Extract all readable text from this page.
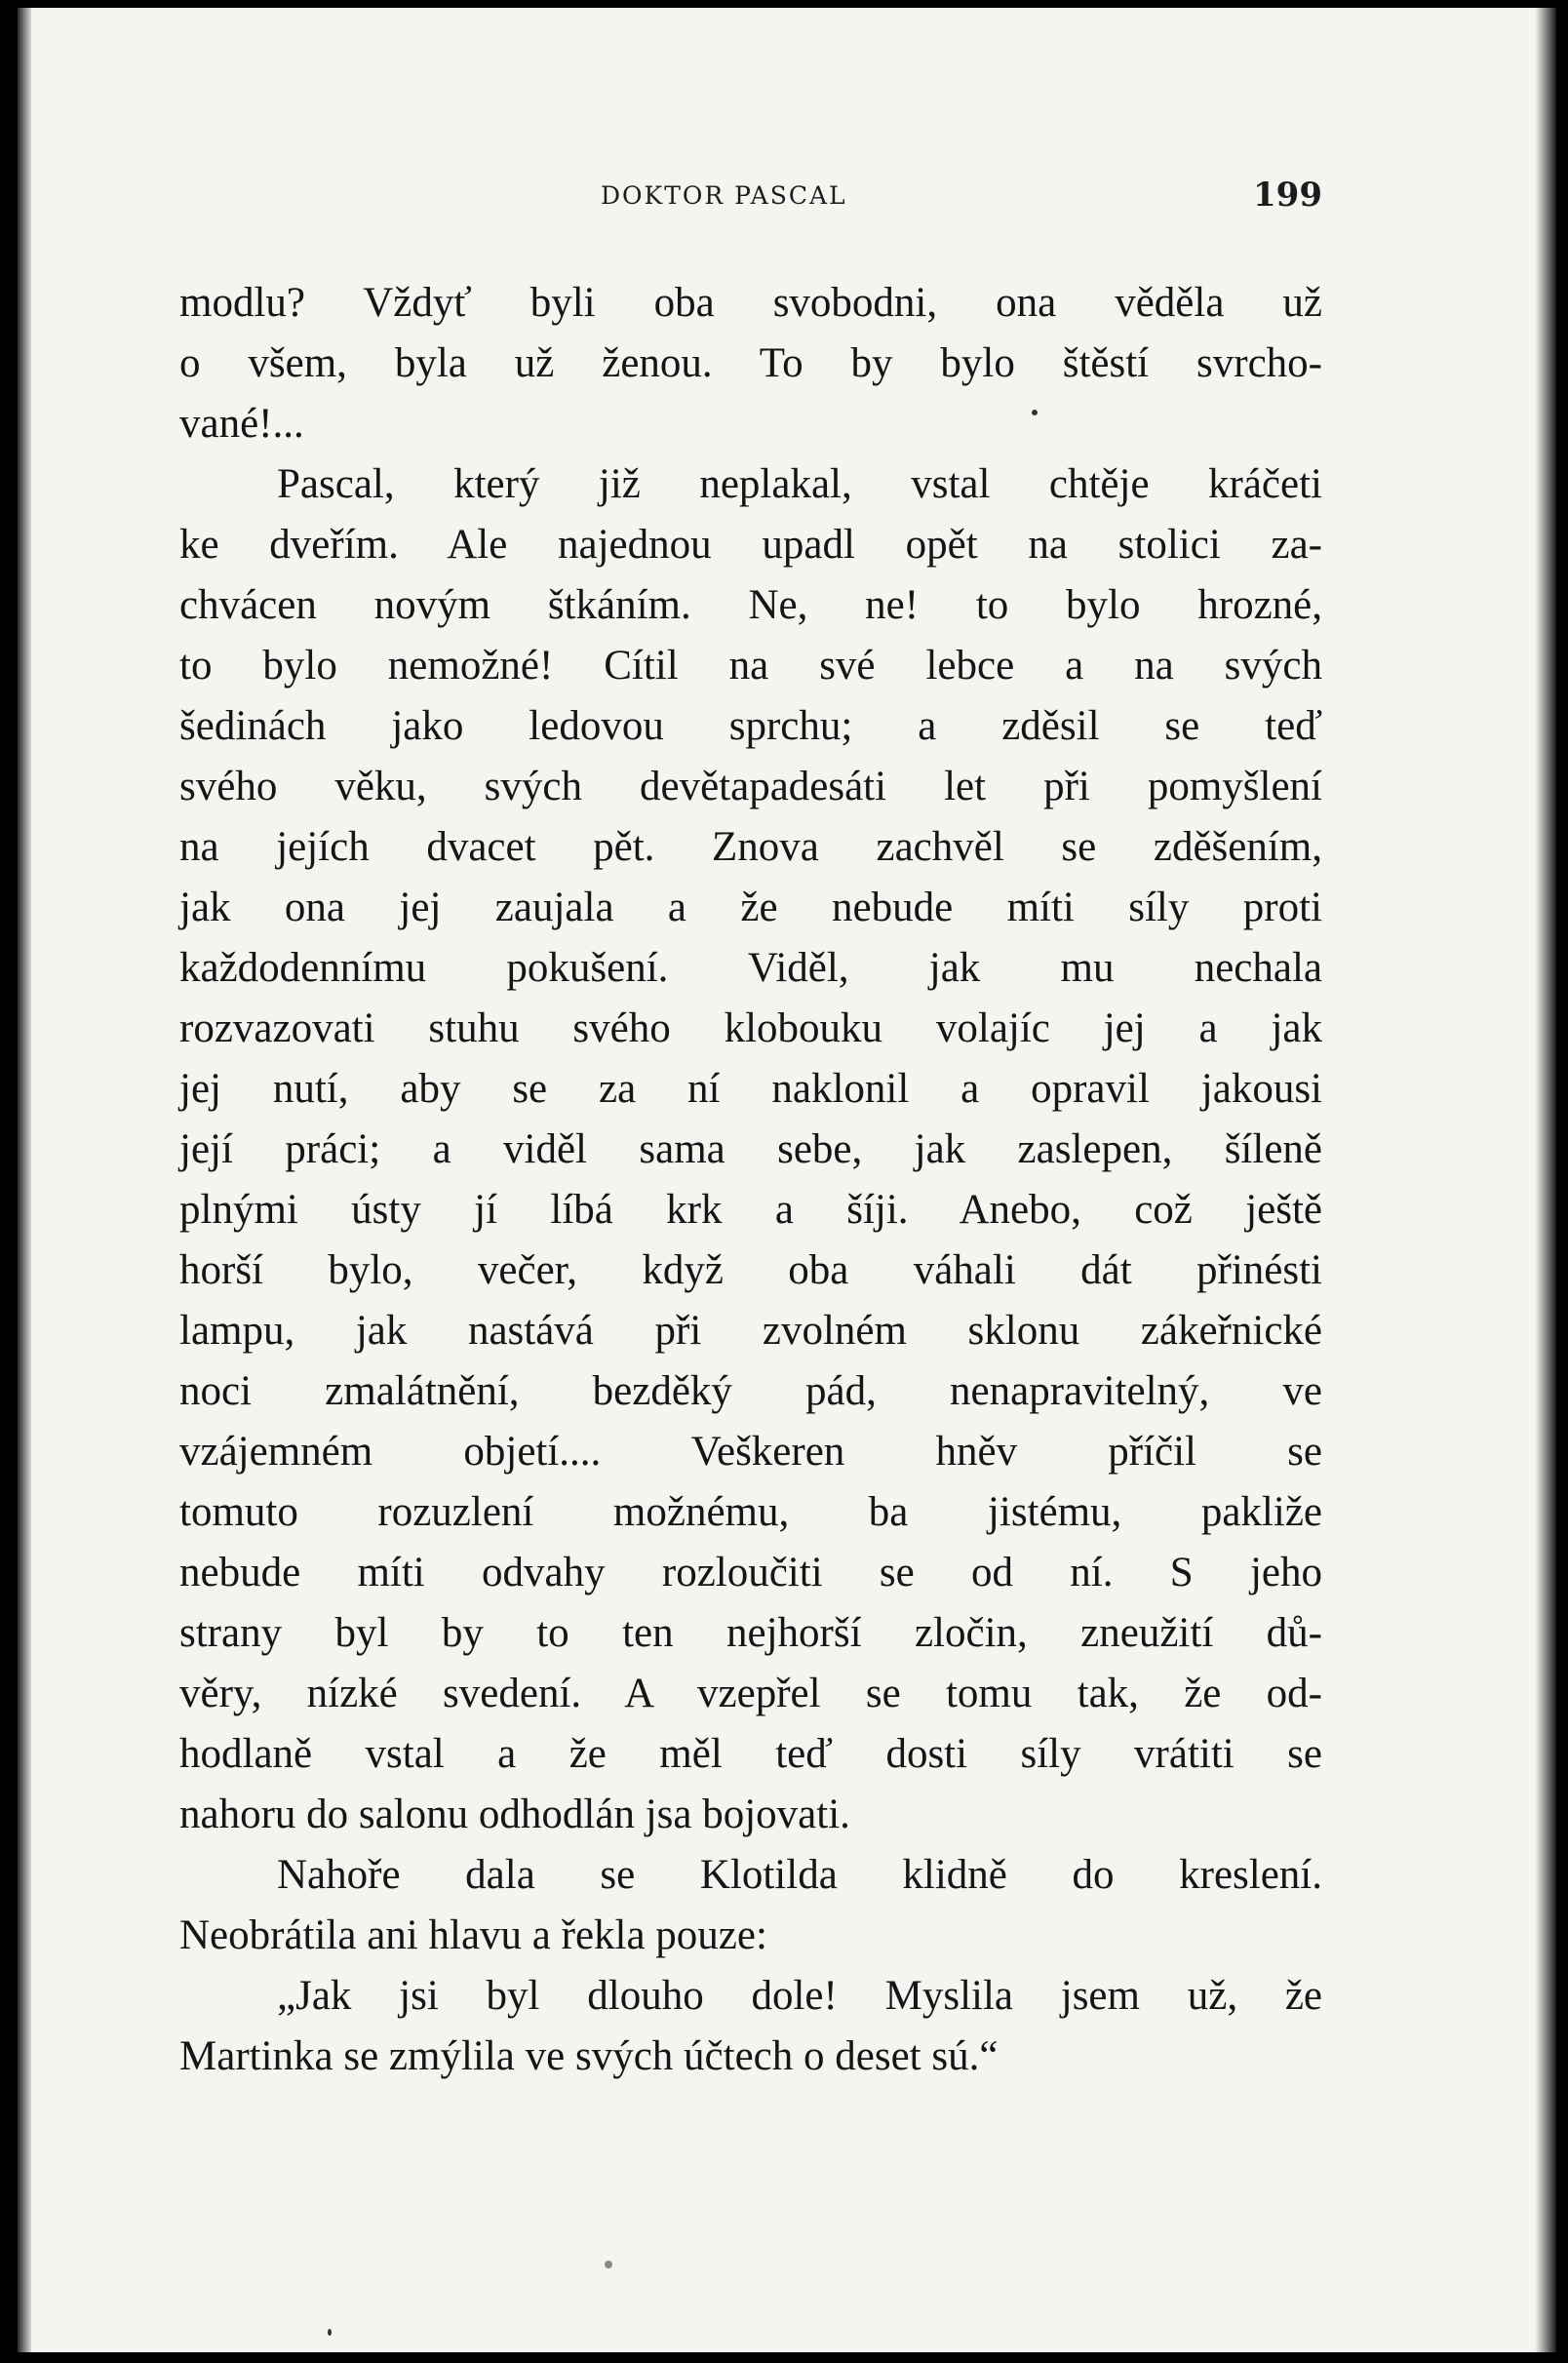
DOKTOR PASCAL	199
modlu? Vždyť byli oba svobodni, ona věděla už
o všem, byla už ženou. To by bylo štěstí svrcho-
vané!...
Pascal, který již neplakal, vstal chtěje kráčeti
ke dveřím. Ale najednou upadl opět na stolici za-
chvácen novým štkáním. Ne, ne! to bylo hrozné,
to bylo nemožné! Cítil na své lebce a na svých
šedinách jako ledovou sprchu; a zděsil se teď
svého věku, svých devětapadesáti let při pomyšlení
na jejích dvacet pět. Znova zachvěl se zděšením,
jak ona jej zaujala a že nebude míti síly proti
každodennímu pokušení. Viděl, jak mu nechala
rozvazovati stuhu svého klobouku volajíc jej a jak
jej nutí, aby se za ní naklonil a opravil jakousi
její práci; a viděl sama sebe, jak zaslepen, šíleně
plnými ústy jí líbá krk a šíji. Anebo, což ještě
horší bylo, večer, když oba váhali dát přinésti
lampu, jak nastává při zvolném sklonu zákeřnické
noci zmalátnění, bezděký pád, nenapravitelný, ve
vzájemném objetí.... Veškeren hněv příčil se
tomuto rozuzlení možnému, ba jistému, pakliže
nebude míti odvahy rozloučiti se od ní. S jeho
strany byl by to ten nejhorší zločin, zneužití dů-
věry, nízké svedení. A vzepřel se tomu tak, že od-
hodlaně vstal a že měl teď dosti síly vrátiti se
nahoru do salonu odhodlán jsa bojovati.
Nahoře dala se Klotilda klidně do kreslení.
Neobrátila ani hlavu a řekla pouze:
„Jak jsi byl dlouho dole! Myslila jsem už, že
Martinka se zmýlila ve svých účtech o deset sú.“
